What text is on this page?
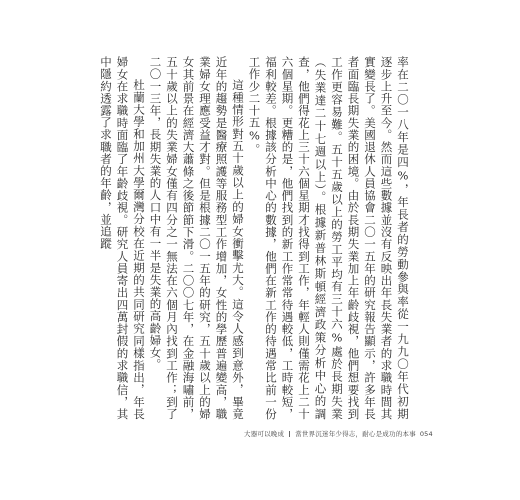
率在二〇一八年是四%，年長者的勞動參與率從一九九〇年代初期逐步上升至今。然而這些數據並沒有反映出年長失業者的求職時間其實變長了。美國退休人員協會二〇一五年的研究報告顯示，許多年長者面臨長期失業的困境。由於長期失業加上年齡歧視，他們想要找到工作更容易難。五十五歲以上的勞工平均有三十六%處於長期失業（失業達二十七週以上）。根據新普林斯頓經濟政策分析中心的調查，他們得花上三十六個星期才找得到工作，年輕人則僅需花上二十六個星期。更糟的是，他們找到的新工作常常待遇較低，工時較短，福利較差。根據該分析中心的數據，他們在新工作的待遇常比前一份工作少二十五%。

這種情形對五十歲以上的婦女衝擊尤大。這令人感到意外，畢竟近年的趨勢是醫療照護等服務型工作增加，女性的學歷普遍變高，職業婦女理應受益才對。但是根據二〇一五年的研究，五十歲以上的婦女其前景在經濟大蕭條之後節節下滑。二〇〇七年，在金融海嘯前，五十歲以上的失業婦女僅有四分之一無法在六個月內找到工作；到了二〇一三年，長期失業的人口中有一半是失業的高齡婦女。

杜蘭大學和加州大學爾灣分校在近期的共同研究同樣指出，年長婦女在求職時面臨了年齡歧視。研究人員寄出四萬封假的求職信，其中隱約透露了求職者的年齡，並追蹤

大器可以晚成 當世界沉迷年少得志，耐心是成功的本事 054
